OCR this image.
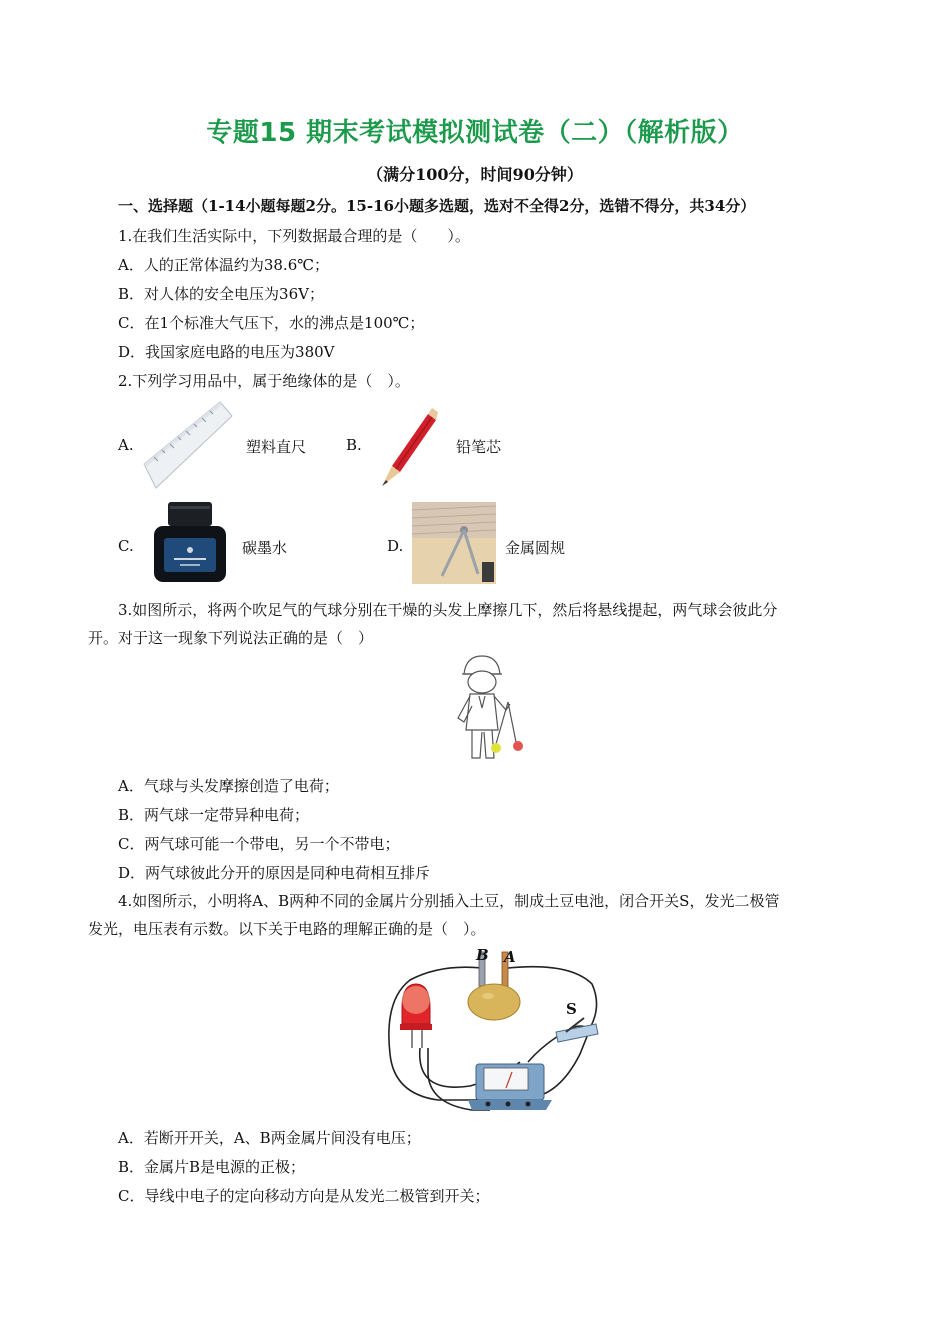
专题15 期末考试模拟测试卷（二）（解析版）
（满分100分，时间90分钟）
一、选择题（1-14小题每题2分。15-16小题多选题，选对不全得2分，选错不得分，共34分）
1.在我们生活实际中，下列数据最合理的是（　　）。
A．人的正常体温约为38.6℃；
B．对人体的安全电压为36V；
C．在1个标准大气压下，水的沸点是100℃；
D．我国家庭电路的电压为380V
2.下列学习用品中，属于绝缘体的是（　）。
A.	塑料直尺	B.	铅笔芯
C.	碳墨水	D.	金属圆规
3.如图所示，将两个吹足气的气球分别在干燥的头发上摩擦几下，然后将悬线提起，两气球会彼此分
开。对于这一现象下列说法正确的是（　）
A．气球与头发摩擦创造了电荷；
B．两气球一定带异种电荷；
C．两气球可能一个带电，另一个不带电；
D．两气球彼此分开的原因是同种电荷相互排斥
4.如图所示，小明将A、B两种不同的金属片分别插入土豆，制成土豆电池，闭合开关S，发光二极管
发光，电压表有示数。以下关于电路的理解正确的是（　）。
B A
S
A．若断开开关，A、B两金属片间没有电压；
B．金属片B是电源的正极；
C．导线中电子的定向移动方向是从发光二极管到开关；
